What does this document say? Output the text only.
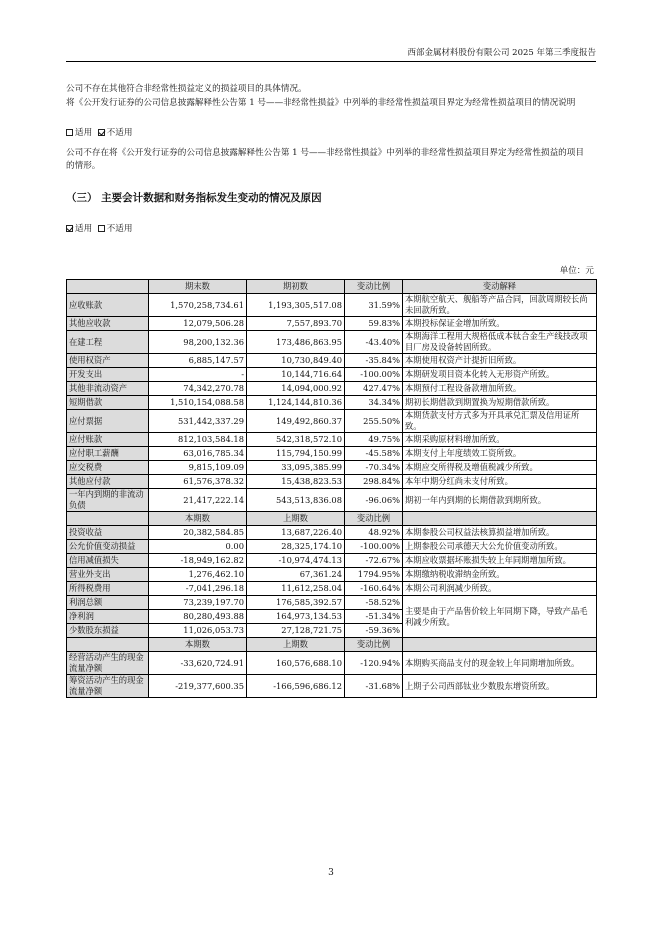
西部金属材料股份有限公司 2025 年第三季度报告

公司不存在其他符合非经常性损益定义的损益项目的具体情况。

将《公开发行证券的公司信息披露解释性公告第 1 号——非经常性损益》中列举的非经常性损益项目界定为经常性损益项目的情况说明

适用 不适用

公司不存在将《公开发行证券的公司信息披露解释性公告第 1 号——非经常性损益》中列举的非经常性损益项目界定为经常性损益的项目的情形。

（三） 主要会计数据和财务指标发生变动的情况及原因

适用 不适用

单位：元
	期末数	期初数	变动比例	变动解释
应收账款	1,570,258,734.61	1,193,305,517.08	31.59%	本期航空航天、舰船等产品合同，回款周期较长尚未回款所致。
其他应收款	12,079,506.28	7,557,893.70	59.83%	本期投标保证金增加所致。
在建工程	98,200,132.36	173,486,863.95	-43.40%	本期海洋工程用大规格低成本钛合金生产线技改项目厂房及设备转固所致。
使用权资产	6,885,147.57	10,730,849.40	-35.84%	本期使用权资产计提折旧所致。
开发支出	-	10,144,716.64	-100.00%	本期研发项目资本化转入无形资产所致。
其他非流动资产	74,342,270.78	14,094,000.92	427.47%	本期预付工程设备款增加所致。
短期借款	1,510,154,088.58	1,124,144,810.36	34.34%	期初长期借款到期置换为短期借款所致。
应付票据	531,442,337.29	149,492,860.37	255.50%	本期货款支付方式多为开具承兑汇票及信用证所致。
应付账款	812,103,584.18	542,318,572.10	49.75%	本期采购原材料增加所致。
应付职工薪酬	63,016,785.34	115,794,150.99	-45.58%	本期支付上年度绩效工资所致。
应交税费	9,815,109.09	33,095,385.99	-70.34%	本期应交所得税及增值税减少所致。
其他应付款	61,576,378.32	15,438,823.53	298.84%	本年中期分红尚未支付所致。
一年内到期的非流动负债	21,417,222.14	543,513,836.08	-96.06%	期初一年内到期的长期借款到期所致。
	本期数	上期数	变动比例	
投资收益	20,382,584.85	13,687,226.40	48.92%	本期参股公司权益法核算损益增加所致。
公允价值变动损益	0.00	28,325,174.10	-100.00%	上期参股公司承德天大公允价值变动所致。
信用减值损失	-18,949,162.82	-10,974,474.13	-72.67%	本期应收票据坏账损失较上年同期增加所致。
营业外支出	1,276,462.10	67,361.24	1794.95%	本期缴纳税收滞纳金所致。
所得税费用	-7,041,296.18	11,612,258.04	-160.64%	本期公司利润减少所致。
利润总额	73,239,197.70	176,585,392.57	-58.52%	主要是由于产品售价较上年同期下降，导致产品毛利减少所致。
净利润	80,280,493.88	164,973,134.53	-51.34%	
少数股东损益	11,026,053.73	27,128,721.75	-59.36%	
	本期数	上期数	变动比例	
经营活动产生的现金流量净额	-33,620,724.91	160,576,688.10	-120.94%	本期购买商品支付的现金较上年同期增加所致。
筹资活动产生的现金流量净额	-219,377,600.35	-166,596,686.12	-31.68%	上期子公司西部钛业少数股东增资所致。
3
